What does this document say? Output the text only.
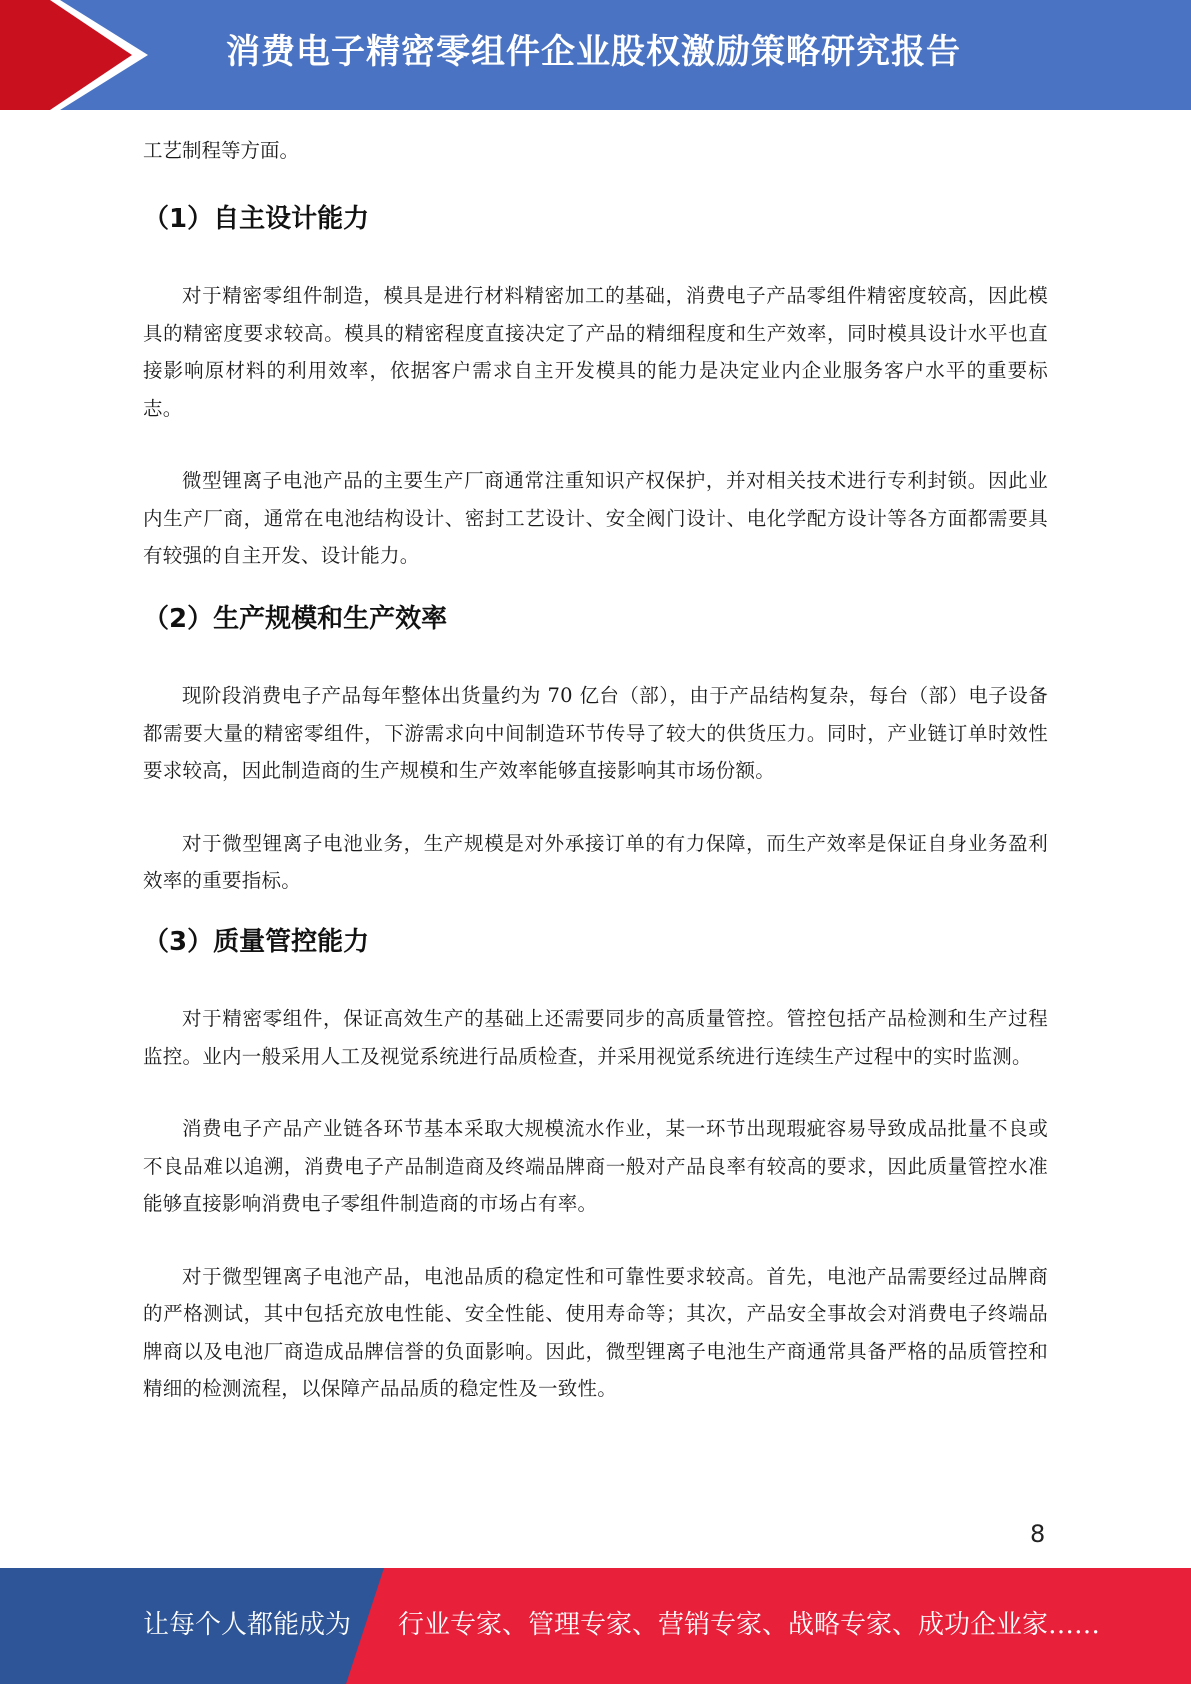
消费电子精密零组件企业股权激励策略研究报告
工艺制程等方面。
（1）自主设计能力

对于精密零组件制造，模具是进行材料精密加工的基础，消费电子产品零组件精密度较高，因此模具的精密度要求较高。模具的精密程度直接决定了产品的精细程度和生产效率，同时模具设计水平也直接影响原材料的利用效率，依据客户需求自主开发模具的能力是决定业内企业服务客户水平的重要标志。

微型锂离子电池产品的主要生产厂商通常注重知识产权保护，并对相关技术进行专利封锁。因此业内生产厂商，通常在电池结构设计、密封工艺设计、安全阀门设计、电化学配方设计等各方面都需要具有较强的自主开发、设计能力。

（2）生产规模和生产效率

现阶段消费电子产品每年整体出货量约为 70 亿台（部），由于产品结构复杂，每台（部）电子设备都需要大量的精密零组件，下游需求向中间制造环节传导了较大的供货压力。同时，产业链订单时效性要求较高，因此制造商的生产规模和生产效率能够直接影响其市场份额。

对于微型锂离子电池业务，生产规模是对外承接订单的有力保障，而生产效率是保证自身业务盈利效率的重要指标。

（3）质量管控能力

对于精密零组件，保证高效生产的基础上还需要同步的高质量管控。管控包括产品检测和生产过程监控。业内一般采用人工及视觉系统进行品质检查，并采用视觉系统进行连续生产过程中的实时监测。

消费电子产品产业链各环节基本采取大规模流水作业，某一环节出现瑕疵容易导致成品批量不良或不良品难以追溯，消费电子产品制造商及终端品牌商一般对产品良率有较高的要求，因此质量管控水准能够直接影响消费电子零组件制造商的市场占有率。

对于微型锂离子电池产品，电池品质的稳定性和可靠性要求较高。首先，电池产品需要经过品牌商的严格测试，其中包括充放电性能、安全性能、使用寿命等；其次，产品安全事故会对消费电子终端品牌商以及电池厂商造成品牌信誉的负面影响。因此，微型锂离子电池生产商通常具备严格的品质管控和精细的检测流程，以保障产品品质的稳定性及一致性。

8
让每个人都能成为 行业专家、管理专家、营销专家、战略专家、成功企业家……
